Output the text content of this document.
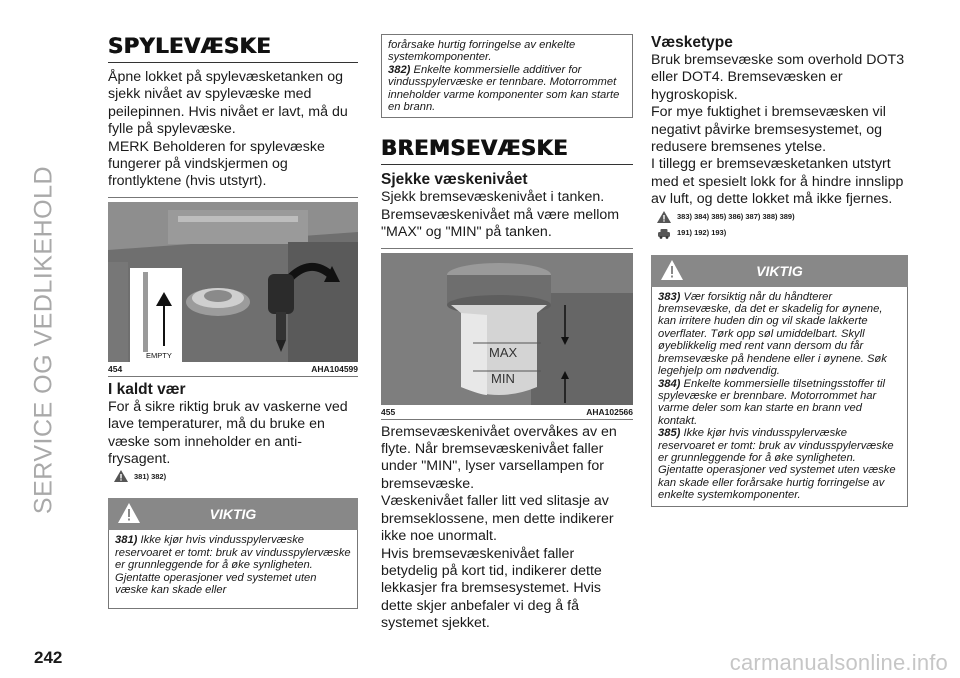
SERVICE OG VEDLIKEHOLD
SPYLEVÆSKE

Åpne lokket på spylevæsketanken og sjekk nivået av spylevæske med peilepinnen. Hvis nivået er lavt, må du fylle på spylevæske.

MERK Beholderen for spylevæske fungerer på vindskjermen og frontlyktene (hvis utstyrt).

EMPTY
454	AHA104599

I kaldt vær

For å sikre riktig bruk av vaskerne ved lave temperaturer, må du bruke en væske som inneholder en anti-frysagent.

381) 382)
VIKTIG
381) Ikke kjør hvis vindusspylervæske reservoaret er tomt: bruk av vindusspylervæske er grunnleggende for å øke synligheten. Gjentatte operasjoner ved systemet uten væske kan skade eller
forårsake hurtig forringelse av enkelte systemkomponenter.
382) Enkelte kommersielle additiver for vindusspylervæske er tennbare. Motorrommet inneholder varme komponenter som kan starte en brann.
BREMSEVÆSKE

Sjekke væskenivået

Sjekk bremsevæskenivået i tanken. Bremsevæskenivået må være mellom "MAX" og "MIN" på tanken.

MAX
MIN
455	AHA102566

Bremsevæskenivået overvåkes av en flyte. Når bremsevæskenivået faller under "MIN", lyser varsellampen for bremsevæske.

Væskenivået faller litt ved slitasje av bremseklossene, men dette indikerer ikke noe unormalt.

Hvis bremsevæskenivået faller betydelig på kort tid, indikerer dette lekkasjer fra bremsesystemet. Hvis dette skjer anbefaler vi deg å få systemet sjekket.

Væsketype

Bruk bremsevæske som overhold DOT3 eller DOT4. Bremsevæsken er hygroskopisk.

For mye fuktighet i bremsevæsken vil negativt påvirke bremsesystemet, og redusere bremsenes ytelse.

I tillegg er bremsevæsketanken utstyrt med et spesielt lokk for å hindre innslipp av luft, og dette lokket må ikke fjernes.

383) 384) 385) 386) 387) 388) 389)
191) 192) 193)
VIKTIG
383) Vær forsiktig når du håndterer bremsevæske, da det er skadelig for øynene, kan irritere huden din og vil skade lakkerte overflater. Tørk opp søl umiddelbart. Skyll øyeblikkelig med rent vann dersom du får bremsevæske på hendene eller i øynene. Søk legehjelp om nødvendig.
384) Enkelte kommersielle tilsetningsstoffer til spylevæske er brennbare. Motorrommet har varme deler som kan starte en brann ved kontakt.
385) Ikke kjør hvis vindusspylervæske reservoaret er tomt: bruk av vindusspylervæske er grunnleggende for å øke synligheten. Gjentatte operasjoner ved systemet uten væske kan skade eller forårsake hurtig forringelse av enkelte systemkomponenter.
242	carmanualsonline.info
